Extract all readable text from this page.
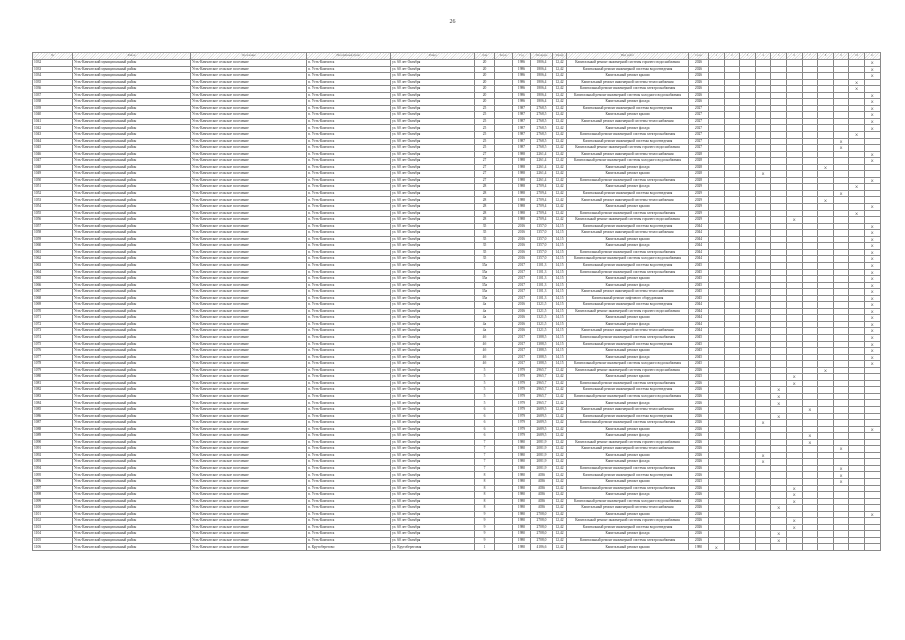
26
№	Район	Поселение	Населённый пункт	Улица	Дом	Корп.	Год	Площадь	Тариф	Вид работ	Срок	1	2	3	4	5	6	7	8	9	10	11
1032	Усть-Камчатский муниципальный район	Усть-Камчатское сельское поселение	п. Усть-Камчатск	ул. 60 лет Октября	20		1986	1806,4	12,42	Капитальный ремонт инженерной системы горячего водоснабжения	2026											X
1033	Усть-Камчатский муниципальный район	Усть-Камчатское сельское поселение	п. Усть-Камчатск	ул. 60 лет Октября	20		1986	1806,4	12,42	Капитальный ремонт инженерной системы водоотведения	2026											X
1034	Усть-Камчатский муниципальный район	Усть-Камчатское сельское поселение	п. Усть-Камчатск	ул. 60 лет Октября	20		1986	1806,4	12,42	Капитальный ремонт крыши	2026											X
1035	Усть-Камчатский муниципальный район	Усть-Камчатское сельское поселение	п. Усть-Камчатск	ул. 60 лет Октября	20		1986	1806,4	12,42	Капитальный ремонт инженерной системы теплоснабжения	2026										X	
1036	Усть-Камчатский муниципальный район	Усть-Камчатское сельское поселение	п. Усть-Камчатск	ул. 60 лет Октября	20		1986	1806,4	12,42	Капитальный ремонт инженерной системы электроснабжения	2026										X	
1037	Усть-Камчатский муниципальный район	Усть-Камчатское сельское поселение	п. Усть-Камчатск	ул. 60 лет Октября	20		1986	1806,4	12,42	Капитальный ремонт инженерной системы холодного водоснабжения	2026											X
1038	Усть-Камчатский муниципальный район	Усть-Камчатское сельское поселение	п. Усть-Камчатск	ул. 60 лет Октября	20		1986	1806,4	12,42	Капитальный ремонт фасада	2026											X
1039	Усть-Камчатский муниципальный район	Усть-Камчатское сельское поселение	п. Усть-Камчатск	ул. 60 лет Октября	25		1987	2768,5	12,42	Капитальный ремонт инженерной системы водоотведения	2027											X
1040	Усть-Камчатский муниципальный район	Усть-Камчатское сельское поселение	п. Усть-Камчатск	ул. 60 лет Октября	25		1987	2768,5	12,42	Капитальный ремонт крыши	2027											X
1041	Усть-Камчатский муниципальный район	Усть-Камчатское сельское поселение	п. Усть-Камчатск	ул. 60 лет Октября	25		1987	2768,5	12,42	Капитальный ремонт инженерной системы теплоснабжения	2027											X
1042	Усть-Камчатский муниципальный район	Усть-Камчатское сельское поселение	п. Усть-Камчатск	ул. 60 лет Октября	25		1987	2768,5	12,42	Капитальный ремонт фасада	2027											X
1043	Усть-Камчатский муниципальный район	Усть-Камчатское сельское поселение	п. Усть-Камчатск	ул. 60 лет Октября	25		1987	2768,5	12,42	Капитальный ремонт инженерной системы электроснабжения	2027										X	
1044	Усть-Камчатский муниципальный район	Усть-Камчатское сельское поселение	п. Усть-Камчатск	ул. 60 лет Октября	25		1987	2768,5	12,42	Капитальный ремонт инженерной системы водоотведения	2027									X		
1045	Усть-Камчатский муниципальный район	Усть-Камчатское сельское поселение	п. Усть-Камчатск	ул. 60 лет Октября	25		1987	2768,5	12,42	Капитальный ремонт инженерной системы горячего водоснабжения	2027									X		
1046	Усть-Камчатский муниципальный район	Усть-Камчатское сельское поселение	п. Усть-Камчатск	ул. 60 лет Октября	27		1988	2261,4	12,42	Капитальный ремонт инженерной системы теплоснабжения	2028											X
1047	Усть-Камчатский муниципальный район	Усть-Камчатское сельское поселение	п. Усть-Камчатск	ул. 60 лет Октября	27		1988	2261,4	12,42	Капитальный ремонт инженерной системы холодного водоснабжения	2028											X
1048	Усть-Камчатский муниципальный район	Усть-Камчатское сельское поселение	п. Усть-Камчатск	ул. 60 лет Октября	27		1988	2261,4	12,42	Капитальный ремонт фасада	2028								X			
1049	Усть-Камчатский муниципальный район	Усть-Камчатское сельское поселение	п. Усть-Камчатск	ул. 60 лет Октября	27		1988	2261,4	12,42	Капитальный ремонт крыши	2028				X							
1050	Усть-Камчатский муниципальный район	Усть-Камчатское сельское поселение	п. Усть-Камчатск	ул. 60 лет Октября	27		1988	2261,4	12,42	Капитальный ремонт инженерной системы электроснабжения	2028											X
1051	Усть-Камчатский муниципальный район	Усть-Камчатское сельское поселение	п. Усть-Камчатск	ул. 60 лет Октября	28		1988	2709,4	12,42	Капитальный ремонт фасада	2029										X	
1052	Усть-Камчатский муниципальный район	Усть-Камчатское сельское поселение	п. Усть-Камчатск	ул. 60 лет Октября	28		1988	2709,4	12,42	Капитальный ремонт инженерной системы водоотведения	2029									X		
1053	Усть-Камчатский муниципальный район	Усть-Камчатское сельское поселение	п. Усть-Камчатск	ул. 60 лет Октября	28		1988	2709,4	12,42	Капитальный ремонт инженерной системы теплоснабжения	2029								X			
1054	Усть-Камчатский муниципальный район	Усть-Камчатское сельское поселение	п. Усть-Камчатск	ул. 60 лет Октября	28		1988	2709,4	12,42	Капитальный ремонт крыши	2029											X
1055	Усть-Камчатский муниципальный район	Усть-Камчатское сельское поселение	п. Усть-Камчатск	ул. 60 лет Октября	28		1988	2709,4	12,42	Капитальный ремонт инженерной системы электроснабжения	2029										X	
1056	Усть-Камчатский муниципальный район	Усть-Камчатское сельское поселение	п. Усть-Камчатск	ул. 60 лет Октября	28		1988	2709,4	12,42	Капитальный ремонт инженерной системы горячего водоснабжения	2029						X					
1057	Усть-Камчатский муниципальный район	Усть-Камчатское сельское поселение	п. Усть-Камчатск	ул. 60 лет Октября	35		2016	1357,0	14,15	Капитальный ремонт инженерной системы водоотведения	2044											X
1058	Усть-Камчатский муниципальный район	Усть-Камчатское сельское поселение	п. Усть-Камчатск	ул. 60 лет Октября	35		2016	1357,0	14,15	Капитальный ремонт инженерной системы теплоснабжения	2044											X
1059	Усть-Камчатский муниципальный район	Усть-Камчатское сельское поселение	п. Усть-Камчатск	ул. 60 лет Октября	35		2016	1357,0	14,15	Капитальный ремонт крыши	2044											X
1060	Усть-Камчатский муниципальный район	Усть-Камчатское сельское поселение	п. Усть-Камчатск	ул. 60 лет Октября	35		2016	1357,0	14,15	Капитальный ремонт фасада	2044											X
1061	Усть-Камчатский муниципальный район	Усть-Камчатское сельское поселение	п. Усть-Камчатск	ул. 60 лет Октября	35		2016	1357,0	14,15	Капитальный ремонт инженерной системы электроснабжения	2044											X
1062	Усть-Камчатский муниципальный район	Усть-Камчатское сельское поселение	п. Усть-Камчатск	ул. 60 лет Октября	35		2016	1357,0	14,15	Капитальный ремонт инженерной системы холодного водоснабжения	2044											X
1063	Усть-Камчатский муниципальный район	Усть-Камчатское сельское поселение	п. Усть-Камчатск	ул. 60 лет Октября	35а		2017	1101,3	14,15	Капитальный ремонт инженерной системы водоотведения	2045											X
1064	Усть-Камчатский муниципальный район	Усть-Камчатское сельское поселение	п. Усть-Камчатск	ул. 60 лет Октября	35а		2017	1101,3	14,15	Капитальный ремонт инженерной системы электроснабжения	2045											X
1065	Усть-Камчатский муниципальный район	Усть-Камчатское сельское поселение	п. Усть-Камчатск	ул. 60 лет Октября	35а		2017	1101,3	14,15	Капитальный ремонт крыши	2045											X
1066	Усть-Камчатский муниципальный район	Усть-Камчатское сельское поселение	п. Усть-Камчатск	ул. 60 лет Октября	35а		2017	1101,3	14,15	Капитальный ремонт фасада	2045											X
1067	Усть-Камчатский муниципальный район	Усть-Камчатское сельское поселение	п. Усть-Камчатск	ул. 60 лет Октября	35а		2017	1101,3	14,15	Капитальный ремонт инженерной системы теплоснабжения	2045											X
1068	Усть-Камчатский муниципальный район	Усть-Камчатское сельское поселение	п. Усть-Камчатск	ул. 60 лет Октября	35а		2017	1101,3	14,15	Капитальный ремонт лифтового оборудования	2045											X
1069	Усть-Камчатский муниципальный район	Усть-Камчатское сельское поселение	п. Усть-Камчатск	ул. 60 лет Октября	4а		2016	1321,5	14,15	Капитальный ремонт инженерной системы водоотведения	2044											X
1070	Усть-Камчатский муниципальный район	Усть-Камчатское сельское поселение	п. Усть-Камчатск	ул. 60 лет Октября	4а		2016	1321,5	14,15	Капитальный ремонт инженерной системы горячего водоснабжения	2044											X
1071	Усть-Камчатский муниципальный район	Усть-Камчатское сельское поселение	п. Усть-Камчатск	ул. 60 лет Октября	4а		2016	1321,5	14,15	Капитальный ремонт крыши	2044											X
1072	Усть-Камчатский муниципальный район	Усть-Камчатское сельское поселение	п. Усть-Камчатск	ул. 60 лет Октября	4а		2016	1321,5	14,15	Капитальный ремонт фасада	2044											X
1073	Усть-Камчатский муниципальный район	Усть-Камчатское сельское поселение	п. Усть-Камчатск	ул. 60 лет Октября	4а		2016	1321,5	14,15	Капитальный ремонт инженерной системы теплоснабжения	2044											X
1074	Усть-Камчатский муниципальный район	Усть-Камчатское сельское поселение	п. Усть-Камчатск	ул. 60 лет Октября	4б		2017	1388,5	14,15	Капитальный ремонт инженерной системы электроснабжения	2045											X
1075	Усть-Камчатский муниципальный район	Усть-Камчатское сельское поселение	п. Усть-Камчатск	ул. 60 лет Октября	4б		2017	1388,5	14,15	Капитальный ремонт инженерной системы водоотведения	2045											X
1076	Усть-Камчатский муниципальный район	Усть-Камчатское сельское поселение	п. Усть-Камчатск	ул. 60 лет Октября	4б		2017	1388,5	14,15	Капитальный ремонт крыши	2045											X
1077	Усть-Камчатский муниципальный район	Усть-Камчатское сельское поселение	п. Усть-Камчатск	ул. 60 лет Октября	4б		2017	1388,5	14,15	Капитальный ремонт фасада	2045											X
1078	Усть-Камчатский муниципальный район	Усть-Камчатское сельское поселение	п. Усть-Камчатск	ул. 60 лет Октября	4б		2017	1388,5	14,15	Капитальный ремонт инженерной системы холодного водоснабжения	2045											X
1079	Усть-Камчатский муниципальный район	Усть-Камчатское сельское поселение	п. Усть-Камчатск	ул. 60 лет Октября	5		1979	2965,7	12,42	Капитальный ремонт инженерной системы горячего водоснабжения	2026								X			
1080	Усть-Камчатский муниципальный район	Усть-Камчатское сельское поселение	п. Усть-Камчатск	ул. 60 лет Октября	5		1979	2965,7	12,42	Капитальный ремонт крыши	2025						X					
1081	Усть-Камчатский муниципальный район	Усть-Камчатское сельское поселение	п. Усть-Камчатск	ул. 60 лет Октября	5		1979	2965,7	12,42	Капитальный ремонт инженерной системы электроснабжения	2026						X					
1082	Усть-Камчатский муниципальный район	Усть-Камчатское сельское поселение	п. Усть-Камчатск	ул. 60 лет Октября	5		1979	2965,7	12,42	Капитальный ремонт инженерной системы водоотведения	2026					X						
1083	Усть-Камчатский муниципальный район	Усть-Камчатское сельское поселение	п. Усть-Камчатск	ул. 60 лет Октября	5		1979	2965,7	12,42	Капитальный ремонт инженерной системы холодного водоснабжения	2026					X						
1084	Усть-Камчатский муниципальный район	Усть-Камчатское сельское поселение	п. Усть-Камчатск	ул. 60 лет Октября	5		1979	2965,7	12,42	Капитальный ремонт фасада	2026					X						
1085	Усть-Камчатский муниципальный район	Усть-Камчатское сельское поселение	п. Усть-Камчатск	ул. 60 лет Октября	6		1979	2689,5	12,42	Капитальный ремонт инженерной системы теплоснабжения	2026							X				
1086	Усть-Камчатский муниципальный район	Усть-Камчатское сельское поселение	п. Усть-Камчатск	ул. 60 лет Октября	6		1979	2689,5	12,42	Капитальный ремонт инженерной системы водоотведения	2026					X						
1087	Усть-Камчатский муниципальный район	Усть-Камчатское сельское поселение	п. Усть-Камчатск	ул. 60 лет Октября	6		1979	2689,5	12,42	Капитальный ремонт инженерной системы электроснабжения	2026				X							
1088	Усть-Камчатский муниципальный район	Усть-Камчатское сельское поселение	п. Усть-Камчатск	ул. 60 лет Октября	6		1979	2689,5	12,42	Капитальный ремонт крыши	2026											X
1089	Усть-Камчатский муниципальный район	Усть-Камчатское сельское поселение	п. Усть-Камчатск	ул. 60 лет Октября	6		1979	2689,5	12,42	Капитальный ремонт фасада	2026							X				
1090	Усть-Камчатский муниципальный район	Усть-Камчатское сельское поселение	п. Усть-Камчатск	ул. 60 лет Октября	7		1980	2081,9	12,42	Капитальный ремонт инженерной системы горячего водоснабжения	2026							X				
1091	Усть-Камчатский муниципальный район	Усть-Камчатское сельское поселение	п. Усть-Камчатск	ул. 60 лет Октября	7		1980	2081,9	12,42	Капитальный ремонт инженерной системы теплоснабжения	2026									X		
1092	Усть-Камчатский муниципальный район	Усть-Камчатское сельское поселение	п. Усть-Камчатск	ул. 60 лет Октября	7		1980	2081,9	12,42	Капитальный ремонт крыши	2026				X							
1093	Усть-Камчатский муниципальный район	Усть-Камчатское сельское поселение	п. Усть-Камчатск	ул. 60 лет Октября	7		1980	2081,9	12,42	Капитальный ремонт фасада	2026				X							
1094	Усть-Камчатский муниципальный район	Усть-Камчатское сельское поселение	п. Усть-Камчатск	ул. 60 лет Октября	7		1980	2081,9	12,42	Капитальный ремонт инженерной системы электроснабжения	2026									X		
1095	Усть-Камчатский муниципальный район	Усть-Камчатское сельское поселение	п. Усть-Камчатск	ул. 60 лет Октября	8		1980	4036	12,42	Капитальный ремонт инженерной системы водоотведения	2026									X		
1096	Усть-Камчатский муниципальный район	Усть-Камчатское сельское поселение	п. Усть-Камчатск	ул. 60 лет Октября	8		1980	4036	12,42	Капитальный ремонт крыши	2025									X		
1097	Усть-Камчатский муниципальный район	Усть-Камчатское сельское поселение	п. Усть-Камчатск	ул. 60 лет Октября	8		1980	4036	12,42	Капитальный ремонт инженерной системы электроснабжения	2026						X					
1098	Усть-Камчатский муниципальный район	Усть-Камчатское сельское поселение	п. Усть-Камчатск	ул. 60 лет Октября	8		1980	4036	12,42	Капитальный ремонт фасада	2026						X					
1099	Усть-Камчатский муниципальный район	Усть-Камчатское сельское поселение	п. Усть-Камчатск	ул. 60 лет Октября	8		1980	4036	12,42	Капитальный ремонт инженерной системы холодного водоснабжения	2026						X					
1100	Усть-Камчатский муниципальный район	Усть-Камчатское сельское поселение	п. Усть-Камчатск	ул. 60 лет Октября	8		1980	4036	12,42	Капитальный ремонт инженерной системы теплоснабжения	2026					X						
1101	Усть-Камчатский муниципальный район	Усть-Камчатское сельское поселение	п. Усть-Камчатск	ул. 60 лет Октября	9		1980	2708,0	12,42	Капитальный ремонт крыши	2026											X
1102	Усть-Камчатский муниципальный район	Усть-Камчатское сельское поселение	п. Усть-Камчатск	ул. 60 лет Октября	9		1980	2708,0	12,42	Капитальный ремонт инженерной системы горячего водоснабжения	2026						X					
1103	Усть-Камчатский муниципальный район	Усть-Камчатское сельское поселение	п. Усть-Камчатск	ул. 60 лет Октября	9		1980	2708,0	12,42	Капитальный ремонт инженерной системы водоотведения	2026						X					
1104	Усть-Камчатский муниципальный район	Усть-Камчатское сельское поселение	п. Усть-Камчатск	ул. 60 лет Октября	9		1980	2708,0	12,42	Капитальный ремонт фасада	2026					X						
1105	Усть-Камчатский муниципальный район	Усть-Камчатское сельское поселение	п. Усть-Камчатск	ул. 60 лет Октября	9		1980	2708,0	12,42	Капитальный ремонт инженерной системы электроснабжения	2026					X						
1106	Усть-Камчатский муниципальный район	Усть-Камчатское сельское поселение	п. Крутоберегово	ул. Крутобереговая	1		1980	4186,6	12,42	Капитальный ремонт крыши	1980	X										
